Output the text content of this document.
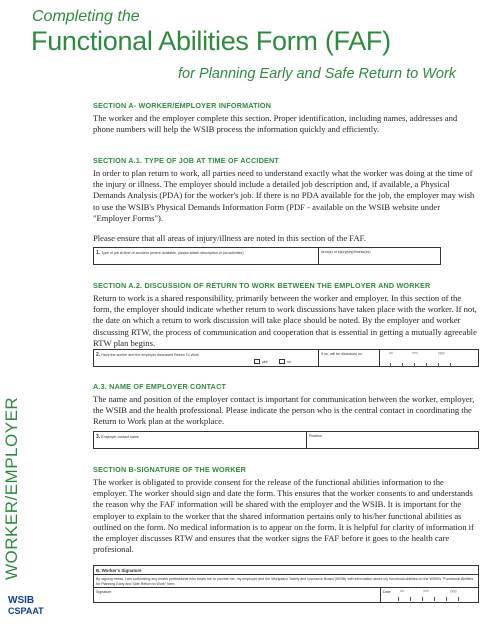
Completing the
Functional Abilities Form (FAF)
for Planning Early and Safe Return to Work
WORKER/EMPLOYER
WSIB
CSPAAT
SECTION A- WORKER/EMPLOYER INFORMATION
The worker and the employer complete this section. Proper identification, including names, addresses and phone numbers will help the WSIB process the information quickly and efficiently.
SECTION A.1. TYPE OF JOB AT TIME OF ACCIDENT
In order to plan return to work, all parties need to understand exactly what the worker was doing at the time of the injury or illness. The employer should include a detailed job description and, if available, a Physical Demands Analysis (PDA) for the worker's job. If there is no PDA available for the job, the employer may wish to use the WSIB's Physical Demands Information Form (PDF - available on the WSIB website under "Employer Forms").
Please ensure that all areas of injury/illness are noted in this section of the FAF.
1. Type of job at time of accident (where available, please attach description of job activities)	Area(s) of injury(ies)/illness(es)
SECTION A.2. DISCUSSION OF RETURN TO WORK BETWEEN THE EMPLOYER AND WORKER
Return to work is a shared responsibility, primarily between the worker and employer. In this section of the form, the employer should indicate whether return to work discussions have taken place with the worker. If not, the date on which a return to work discussion will take place should be noted. By the employer and worker discussing RTW, the process of communication and cooperation that is essential in getting a mutually agreeable RTW plan begins.
2. Have the worker and the employer discussed Return To Work
yes	no
If no, will be discussed on	dd	mm	yyyy
A.3. NAME OF EMPLOYER CONTACT
The name and position of the employer contact is important for communication between the worker, employer, the WSIB and the health professional. Please indicate the person who is the central contact in coordinating the Return to Work plan at the workplace.
3. Employer contact name	Position
SECTION B-SIGNATURE OF THE WORKER
The worker is obligated to provide consent for the release of the functional abilities information to the employer. The worker should sign and date the form. This ensures that the worker consents to and understands the reason why the FAF information will be shared with the employer and the WSIB. It is important for the employer to explain to the worker that the shared information pertains only to his/her functional abilities as outlined on the form. No medical information is to appear on the form. It is helpful for clarity of information if the employer discusses RTW and ensures that the worker signs the FAF before it goes to the health care profesional.
B. Worker's Signature
By signing below, I am authorizing any health professional who treats me to provide me, my employer and the Workplace Safety and Insurance Board (WSIB) with information about my functional abilities on the WSIB's "Functional Abilities for Planning Early and Safe Return to Work" form.
Signature	Date	dd	mm	yyyy
